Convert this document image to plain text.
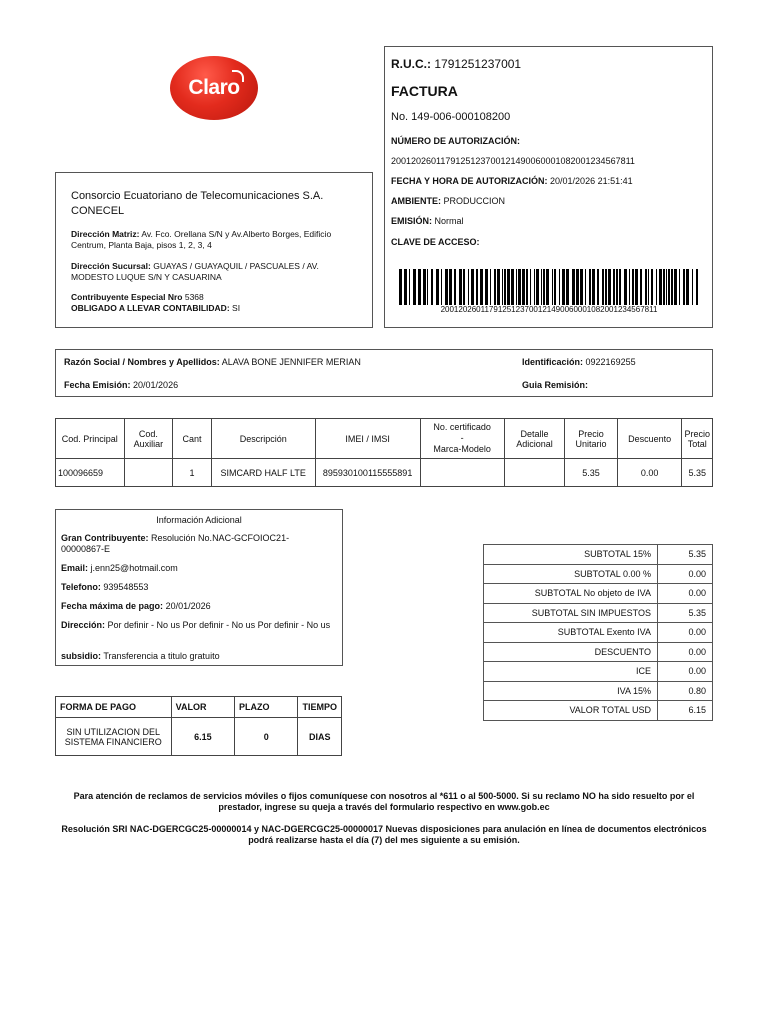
Claro
R.U.C.: 1791251237001
FACTURA
No. 149-006-000108200
NÚMERO DE AUTORIZACIÓN:
2001202601179125123700121490060001082001234567811
FECHA Y HORA DE AUTORIZACIÓN: 20/01/2026 21:51:41
AMBIENTE: PRODUCCION
EMISIÓN: Normal
CLAVE DE ACCESO:
2001202601179125123700121490060001082001234567811
Consorcio Ecuatoriano de Telecomunicaciones S.A. CONECEL
Dirección Matriz: Av. Fco. Orellana S/N y Av.Alberto Borges, Edificio Centrum, Planta Baja, pisos 1, 2, 3, 4
Dirección Sucursal: GUAYAS / GUAYAQUIL / PASCUALES / AV. MODESTO LUQUE S/N Y CASUARINA
Contribuyente Especial Nro 5368
OBLIGADO A LLEVAR CONTABILIDAD: SI
Razón Social / Nombres y Apellidos: ALAVA BONE JENNIFER MERIAN	Identificación: 0922169255
Fecha Emisión: 20/01/2026	Guia Remisión:
Cod. Principal	Cod. Auxiliar	Cant	Descripción	IMEI / IMSI	No. certificado
-
Marca-Modelo	Detalle Adicional	Precio Unitario	Descuento	Precio Total
100096659		1	SIMCARD HALF LTE	895930100115555891			5.35	0.00	5.35
Información Adicional
Gran Contribuyente: Resolución No.NAC-GCFOIOC21-00000867-E
Email: j.enn25@hotmail.com
Telefono: 939548553
Fecha máxima de pago: 20/01/2026
Dirección: Por definir - No us Por definir - No us Por definir - No us
subsidio: Transferencia a titulo gratuito
SUBTOTAL 15%	5.35
SUBTOTAL 0.00 %	0.00
SUBTOTAL No objeto de IVA	0.00
SUBTOTAL SIN IMPUESTOS	5.35
SUBTOTAL Exento IVA	0.00
DESCUENTO	0.00
ICE	0.00
IVA 15%	0.80
VALOR TOTAL USD	6.15
FORMA DE PAGO	VALOR	PLAZO	TIEMPO
SIN UTILIZACION DEL SISTEMA FINANCIERO	6.15	0	DIAS

Para atención de reclamos de servicios móviles o fijos comuníquese con nosotros al *611 o al 500-5000. Si su reclamo NO ha sido resuelto por el prestador, ingrese su queja a través del formulario respectivo en www.gob.ec

Resolución SRI NAC-DGERCGC25-00000014 y NAC-DGERCGC25-00000017 Nuevas disposiciones para anulación en línea de documentos electrónicos podrá realizarse hasta el día (7) del mes siguiente a su emisión.
